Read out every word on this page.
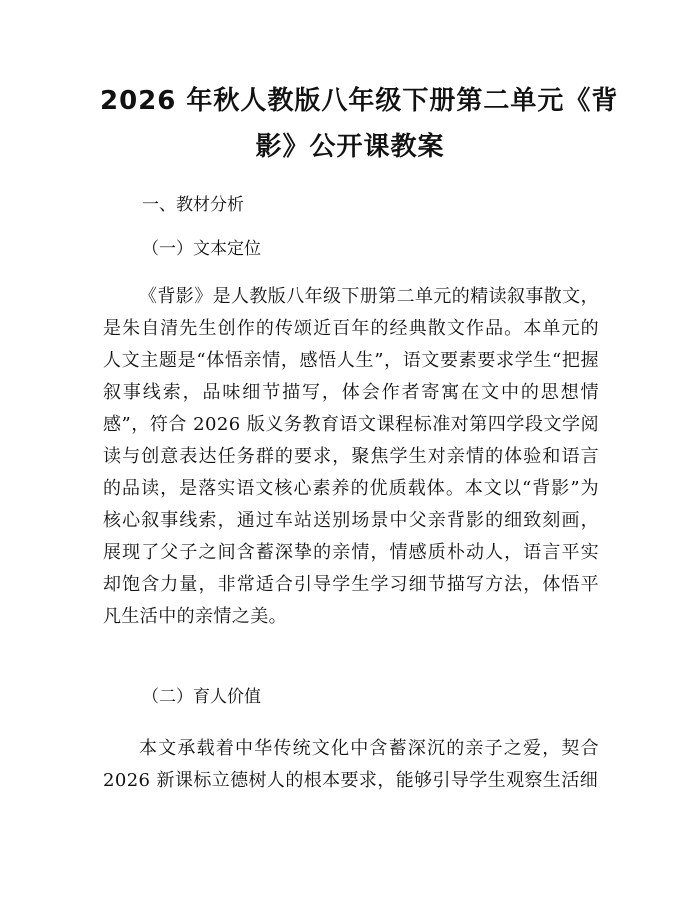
2026 年秋人教版八年级下册第二单元《背
影》公开课教案
一、教材分析
（一）文本定位
《背影》是人教版八年级下册第二单元的精读叙事散文，是朱自清先生创作的传颂近百年的经典散文作品。本单元的人文主题是“体悟亲情，感悟人生”，语文要素要求学生“把握叙事线索，品味细节描写，体会作者寄寓在文中的思想情感”，符合 2026 版义务教育语文课程标准对第四学段文学阅读与创意表达任务群的要求，聚焦学生对亲情的体验和语言的品读，是落实语文核心素养的优质载体。本文以“背影”为核心叙事线索，通过车站送别场景中父亲背影的细致刻画，展现了父子之间含蓄深挚的亲情，情感质朴动人，语言平实却饱含力量，非常适合引导学生学习细节描写方法，体悟平凡生活中的亲情之美。
（二）育人价值
本文承载着中华传统文化中含蓄深沉的亲子之爱，契合 2026 新课标立德树人的根本要求，能够引导学生观察生活细
